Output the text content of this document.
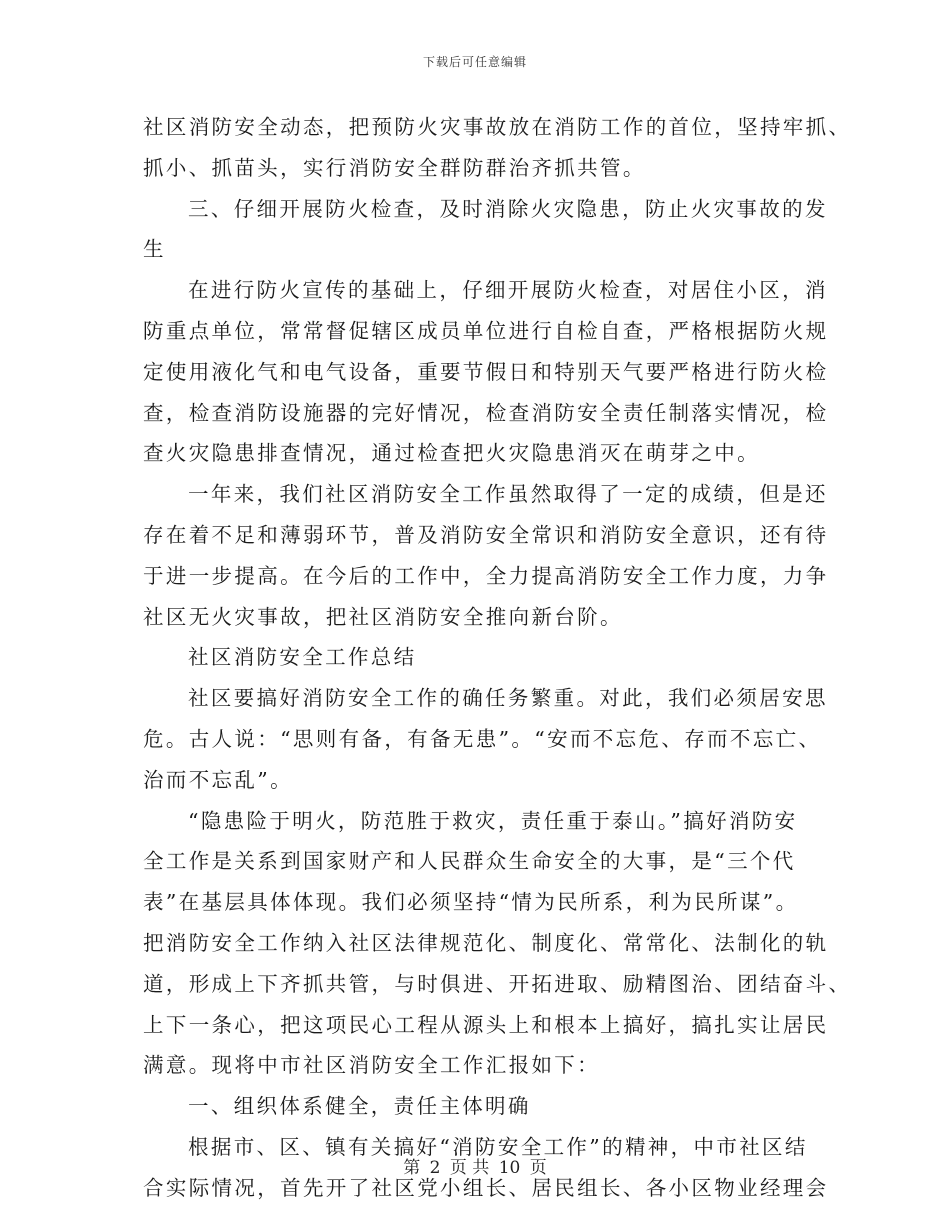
下载后可任意编辑
社区消防安全动态，把预防火灾事故放在消防工作的首位，坚持牢抓、
抓小、抓苗头，实行消防安全群防群治齐抓共管。
三、仔细开展防火检查，及时消除火灾隐患，防止火灾事故的发
生
在进行防火宣传的基础上，仔细开展防火检查，对居住小区，消
防重点单位，常常督促辖区成员单位进行自检自查，严格根据防火规
定使用液化气和电气设备，重要节假日和特别天气要严格进行防火检
查，检查消防设施器的完好情况，检查消防安全责任制落实情况，检
查火灾隐患排查情况，通过检查把火灾隐患消灭在萌芽之中。
一年来，我们社区消防安全工作虽然取得了一定的成绩，但是还
存在着不足和薄弱环节，普及消防安全常识和消防安全意识，还有待
于进一步提高。在今后的工作中，全力提高消防安全工作力度，力争
社区无火灾事故，把社区消防安全推向新台阶。
社区消防安全工作总结
社区要搞好消防安全工作的确任务繁重。对此，我们必须居安思
危。古人说：“思则有备，有备无患”。“安而不忘危、存而不忘亡、
治而不忘乱”。
“隐患险于明火，防范胜于救灾，责任重于泰山。”搞好消防安
全工作是关系到国家财产和人民群众生命安全的大事，是“三个代
表”在基层具体体现。我们必须坚持“情为民所系，利为民所谋”。
把消防安全工作纳入社区法律规范化、制度化、常常化、法制化的轨
道，形成上下齐抓共管，与时俱进、开拓进取、励精图治、团结奋斗、
上下一条心，把这项民心工程从源头上和根本上搞好，搞扎实让居民
满意。现将中市社区消防安全工作汇报如下：
一、组织体系健全，责任主体明确
根据市、区、镇有关搞好“消防安全工作”的精神，中市社区结
合实际情况，首先开了社区党小组长、居民组长、各小区物业经理会
第 2 页 共 10 页
